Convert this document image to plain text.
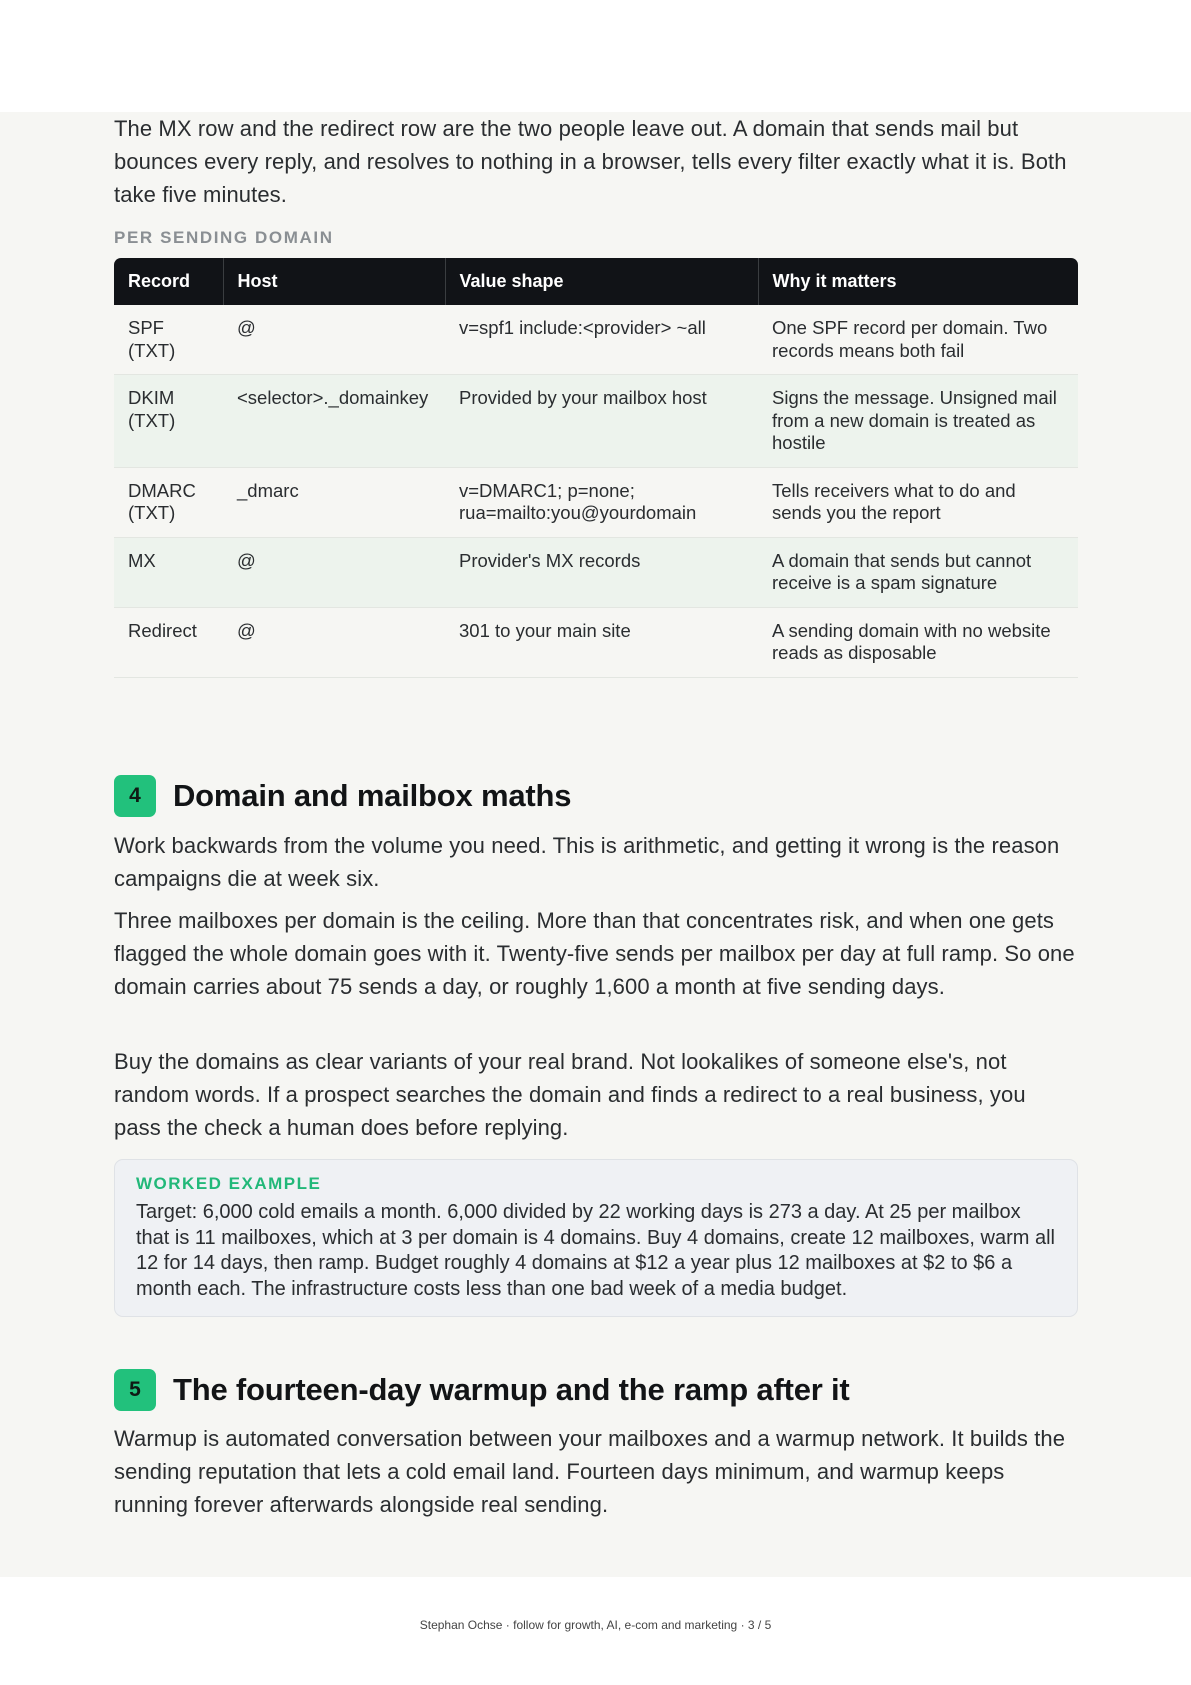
The MX row and the redirect row are the two people leave out. A domain that sends mail but bounces every reply, and resolves to nothing in a browser, tells every filter exactly what it is. Both take five minutes.

PER SENDING DOMAIN

Record	Host	Value shape	Why it matters
SPF (TXT)	@	v=spf1 include:<provider> ~all	One SPF record per domain. Two records means both fail
DKIM (TXT)	<selector>._domainkey	Provided by your mailbox host	Signs the message. Unsigned mail from a new domain is treated as hostile
DMARC (TXT)	_dmarc	v=DMARC1; p=none; rua=mailto:you@yourdomain	Tells receivers what to do and sends you the report
MX	@	Provider's MX records	A domain that sends but cannot receive is a spam signature
Redirect	@	301 to your main site	A sending domain with no website reads as disposable
4	Domain and mailbox maths

Work backwards from the volume you need. This is arithmetic, and getting it wrong is the reason campaigns die at week six.

Three mailboxes per domain is the ceiling. More than that concentrates risk, and when one gets flagged the whole domain goes with it. Twenty-five sends per mailbox per day at full ramp. So one domain carries about 75 sends a day, or roughly 1,600 a month at five sending days.

Buy the domains as clear variants of your real brand. Not lookalikes of someone else's, not random words. If a prospect searches the domain and finds a redirect to a real business, you pass the check a human does before replying.

WORKED EXAMPLE

Target: 6,000 cold emails a month. 6,000 divided by 22 working days is 273 a day. At 25 per mailbox that is 11 mailboxes, which at 3 per domain is 4 domains. Buy 4 domains, create 12 mailboxes, warm all 12 for 14 days, then ramp. Budget roughly 4 domains at $12 a year plus 12 mailboxes at $2 to $6 a month each. The infrastructure costs less than one bad week of a media budget.

5	The fourteen-day warmup and the ramp after it

Warmup is automated conversation between your mailboxes and a warmup network. It builds the sending reputation that lets a cold email land. Fourteen days minimum, and warmup keeps running forever afterwards alongside real sending.

Stephan Ochse · follow for growth, AI, e-com and marketing · 3 / 5
